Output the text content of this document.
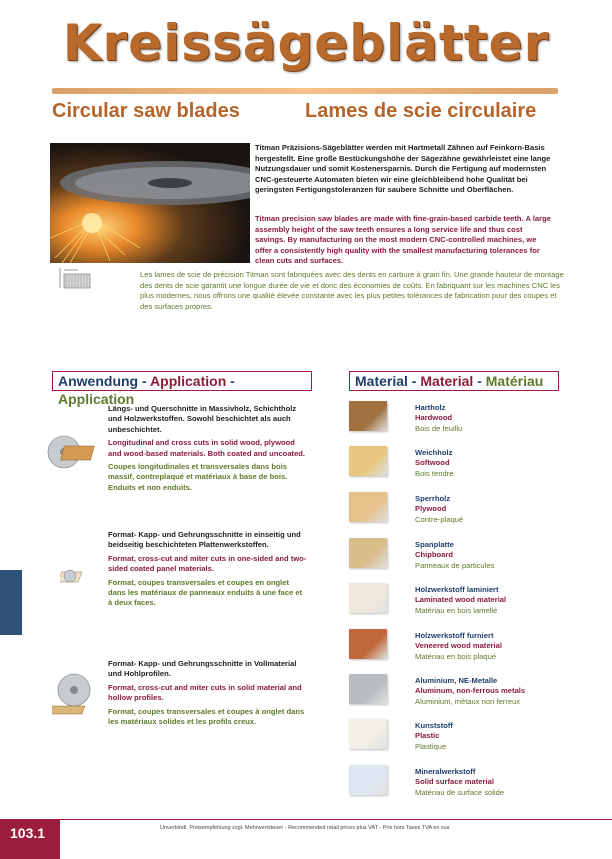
Kreissägeblätter
Circular saw blades	Lames de scie circulaire
Titman Präzisions-Sägeblätter werden mit Hartmetall Zähnen auf Feinkorn-Basis hergestellt. Eine große Bestückungshöhe der Sägezähne gewährleistet eine lange Nutzungsdauer und somit Kostenersparnis. Durch die Fertigung auf modernsten CNC-gesteuerte Automaten bieten wir eine gleichbleibend hohe Qualität bei geringsten Fertigungstoleranzen für saubere Schnitte und Oberflächen.
Titman precision saw blades are made with fine-grain-based carbide teeth. A large assembly height of the saw teeth ensures a long service life and thus cost savings. By manufacturing on the most modern CNC-controlled machines, we offer a consistently high quality with the smallest manufacturing tolerances for clean cuts and surfaces.
Les lames de scie de précision Titman sont fabriquées avec des dents en carbure à grain fin. Une grande hauteur de montage des dents de scie garantit une longue durée de vie et donc des économies de coûts. En fabriquant sur les machines CNC les plus modernes, nous offrons une qualité élevée constante avec les plus petites tolérances de fabrication pour des coupes et des surfaces propres.
Anwendung - Application - Application
Material - Material - Matériau

Längs- und Querschnitte in Massivholz, Schichtholz und Holzwerkstoffen. Sowohl beschichtet als auch unbeschichtet.

Longitudinal and cross cuts in solid wood, plywood and wood-based materials. Both coated and uncoated.

Coupes longitudinales et transversales dans bois massif, contreplaqué et matériaux à base de bois. Enduits et non enduits.

Format- Kapp- und Gehrungsschnitte in einseitig und beidseitig beschichteten Plattenwerkstoffen.

Format, cross-cut and miter cuts in one-sided and two-sided coated panel materials.

Format, coupes transversales et coupes en onglet dans les matériaux de panneaux enduits à une face et à deux faces.

Format- Kapp- und Gehrungsschnitte in Vollmaterial und Hohlprofilen.

Format, cross-cut and miter cuts in solid material and hollow profiles.

Format, coupes transversales et coupes à onglet dans les matériaux solides et les profils creux.

Hartholz
Hardwood
Bois de feuillu
Weichholz
Softwood
Bois tendre
Sperrholz
Plywood
Contre-plaqué
Spanplatte
Chipboard
Panneaux de particules
Holzwerkstoff laminiert
Laminated wood material
Matériau en bois lamellé
Holzwerkstoff furniert
Veneered wood material
Matériau en bois plaqué
Aluminium, NE-Metalle
Aluminum, non-ferrous metals
Aluminium, métaux non ferreux
Kunststoff
Plastic
Plastique
Mineralwerkstoff
Solid surface material
Matériau de surface solide
103.1	Unverbindl. Preisempfehlung zzgl. Mehrwertsteuer - Recommended retail prices plus VAT - Prix hors Taxes TVA en sus
